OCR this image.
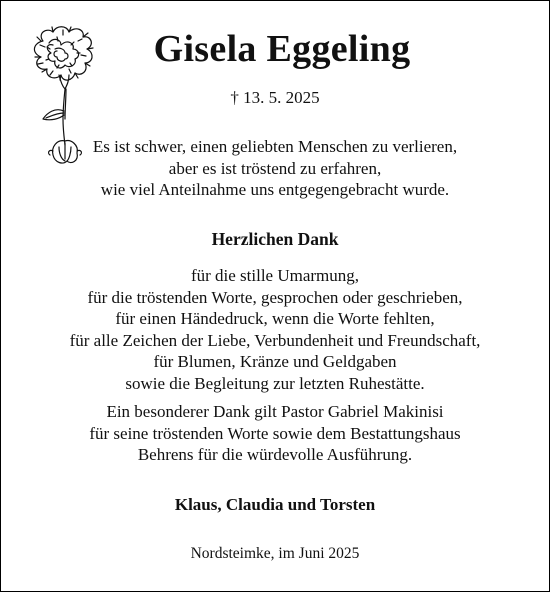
Gisela Eggeling
† 13. 5. 2025
Es ist schwer, einen geliebten Menschen zu verlieren,
aber es ist tröstend zu erfahren,
wie viel Anteilnahme uns entgegengebracht wurde.
Herzlichen Dank
für die stille Umarmung,
für die tröstenden Worte, gesprochen oder geschrieben,
für einen Händedruck, wenn die Worte fehlten,
für alle Zeichen der Liebe, Verbundenheit und Freundschaft,
für Blumen, Kränze und Geldgaben
sowie die Begleitung zur letzten Ruhestätte.
Ein besonderer Dank gilt Pastor Gabriel Makinisi
für seine tröstenden Worte sowie dem Bestattungshaus
Behrens für die würdevolle Ausführung.
Klaus, Claudia und Torsten
Nordsteimke, im Juni 2025
